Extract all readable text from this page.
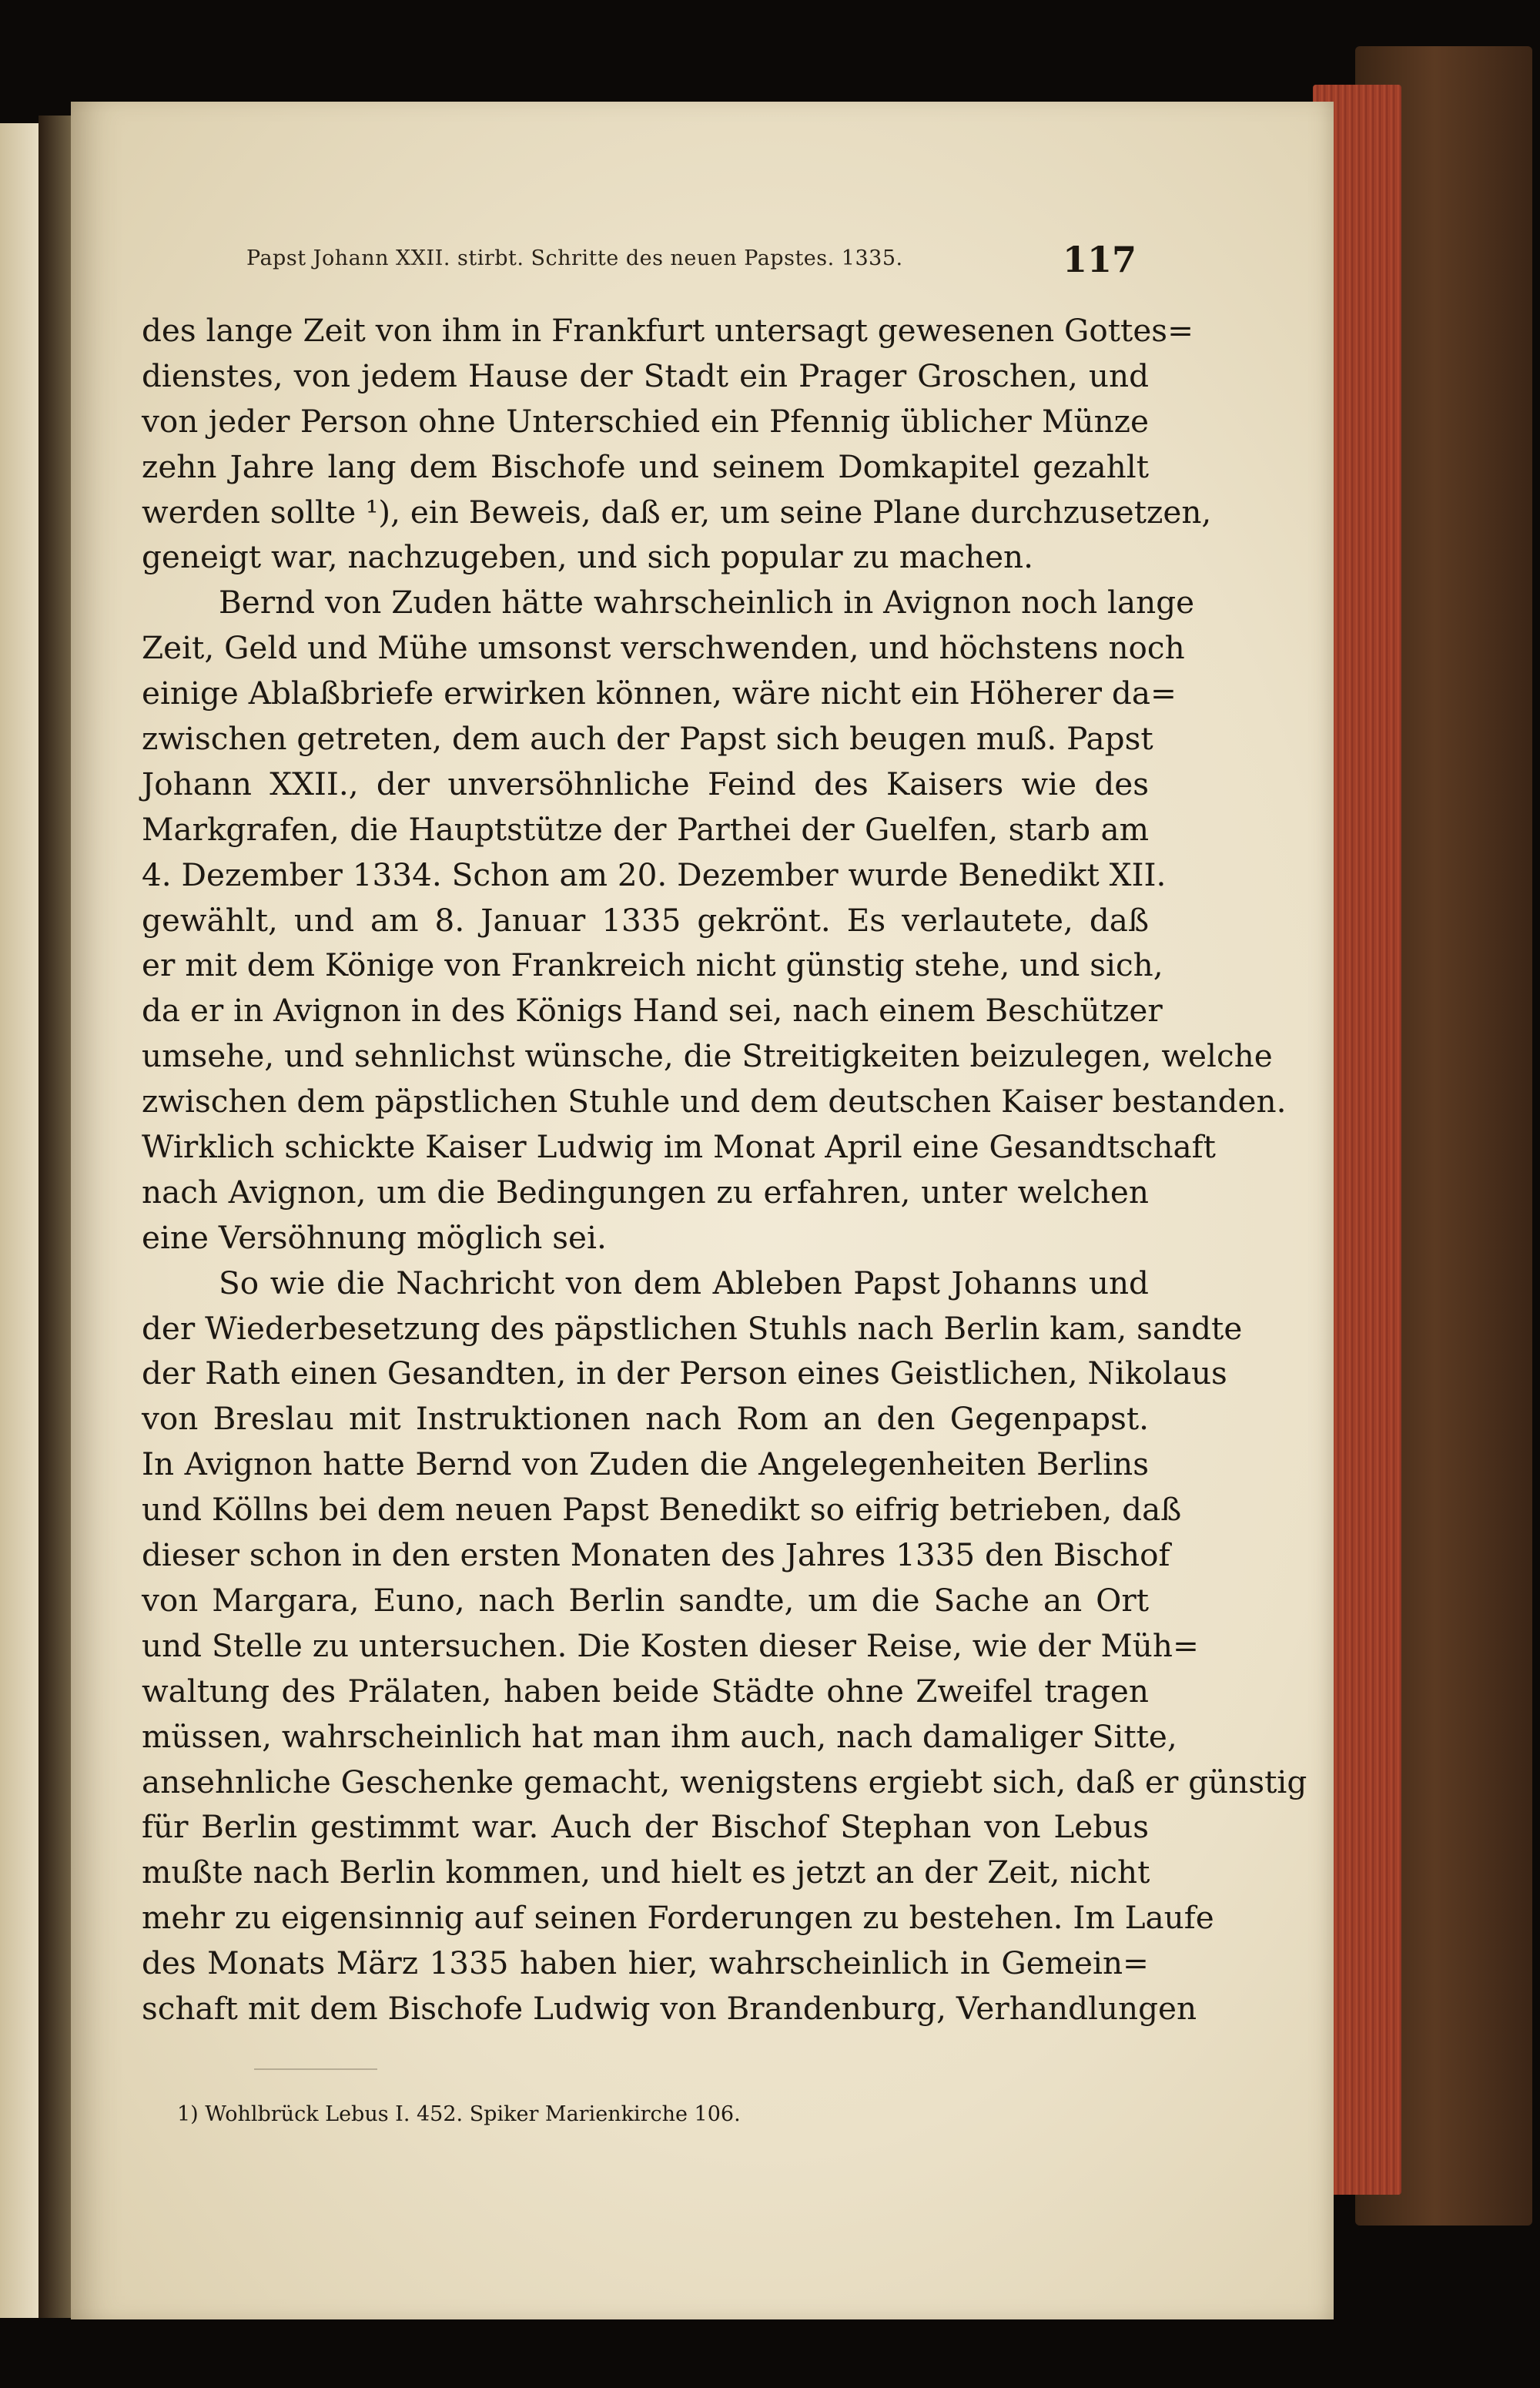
Papst Johann XXII. stirbt. Schritte des neuen Papstes. 1335.	117
des lange Zeit von ihm in Frankfurt untersagt gewesenen Gottes=
dienstes, von jedem Hause der Stadt ein Prager Groschen, und
von jeder Person ohne Unterschied ein Pfennig üblicher Münze
zehn Jahre lang dem Bischofe und seinem Domkapitel gezahlt
werden sollte ¹), ein Beweis, daß er, um seine Plane durchzusetzen,
geneigt war, nachzugeben, und sich popular zu machen.
Bernd von Zuden hätte wahrscheinlich in Avignon noch lange
Zeit, Geld und Mühe umsonst verschwenden, und höchstens noch
einige Ablaßbriefe erwirken können, wäre nicht ein Höherer da=
zwischen getreten, dem auch der Papst sich beugen muß. Papst
Johann XXII., der unversöhnliche Feind des Kaisers wie des
Markgrafen, die Hauptstütze der Parthei der Guelfen, starb am
4. Dezember 1334. Schon am 20. Dezember wurde Benedikt XII.
gewählt, und am 8. Januar 1335 gekrönt. Es verlautete, daß
er mit dem Könige von Frankreich nicht günstig stehe, und sich,
da er in Avignon in des Königs Hand sei, nach einem Beschützer
umsehe, und sehnlichst wünsche, die Streitigkeiten beizulegen, welche
zwischen dem päpstlichen Stuhle und dem deutschen Kaiser bestanden.
Wirklich schickte Kaiser Ludwig im Monat April eine Gesandtschaft
nach Avignon, um die Bedingungen zu erfahren, unter welchen
eine Versöhnung möglich sei.
So wie die Nachricht von dem Ableben Papst Johanns und
der Wiederbesetzung des päpstlichen Stuhls nach Berlin kam, sandte
der Rath einen Gesandten, in der Person eines Geistlichen, Nikolaus
von Breslau mit Instruktionen nach Rom an den Gegenpapst.
In Avignon hatte Bernd von Zuden die Angelegenheiten Berlins
und Köllns bei dem neuen Papst Benedikt so eifrig betrieben, daß
dieser schon in den ersten Monaten des Jahres 1335 den Bischof
von Margara, Euno, nach Berlin sandte, um die Sache an Ort
und Stelle zu untersuchen. Die Kosten dieser Reise, wie der Müh=
waltung des Prälaten, haben beide Städte ohne Zweifel tragen
müssen, wahrscheinlich hat man ihm auch, nach damaliger Sitte,
ansehnliche Geschenke gemacht, wenigstens ergiebt sich, daß er günstig
für Berlin gestimmt war. Auch der Bischof Stephan von Lebus
mußte nach Berlin kommen, und hielt es jetzt an der Zeit, nicht
mehr zu eigensinnig auf seinen Forderungen zu bestehen. Im Laufe
des Monats März 1335 haben hier, wahrscheinlich in Gemein=
schaft mit dem Bischofe Ludwig von Brandenburg, Verhandlungen
1) Wohlbrück Lebus I. 452. Spiker Marienkirche 106.
